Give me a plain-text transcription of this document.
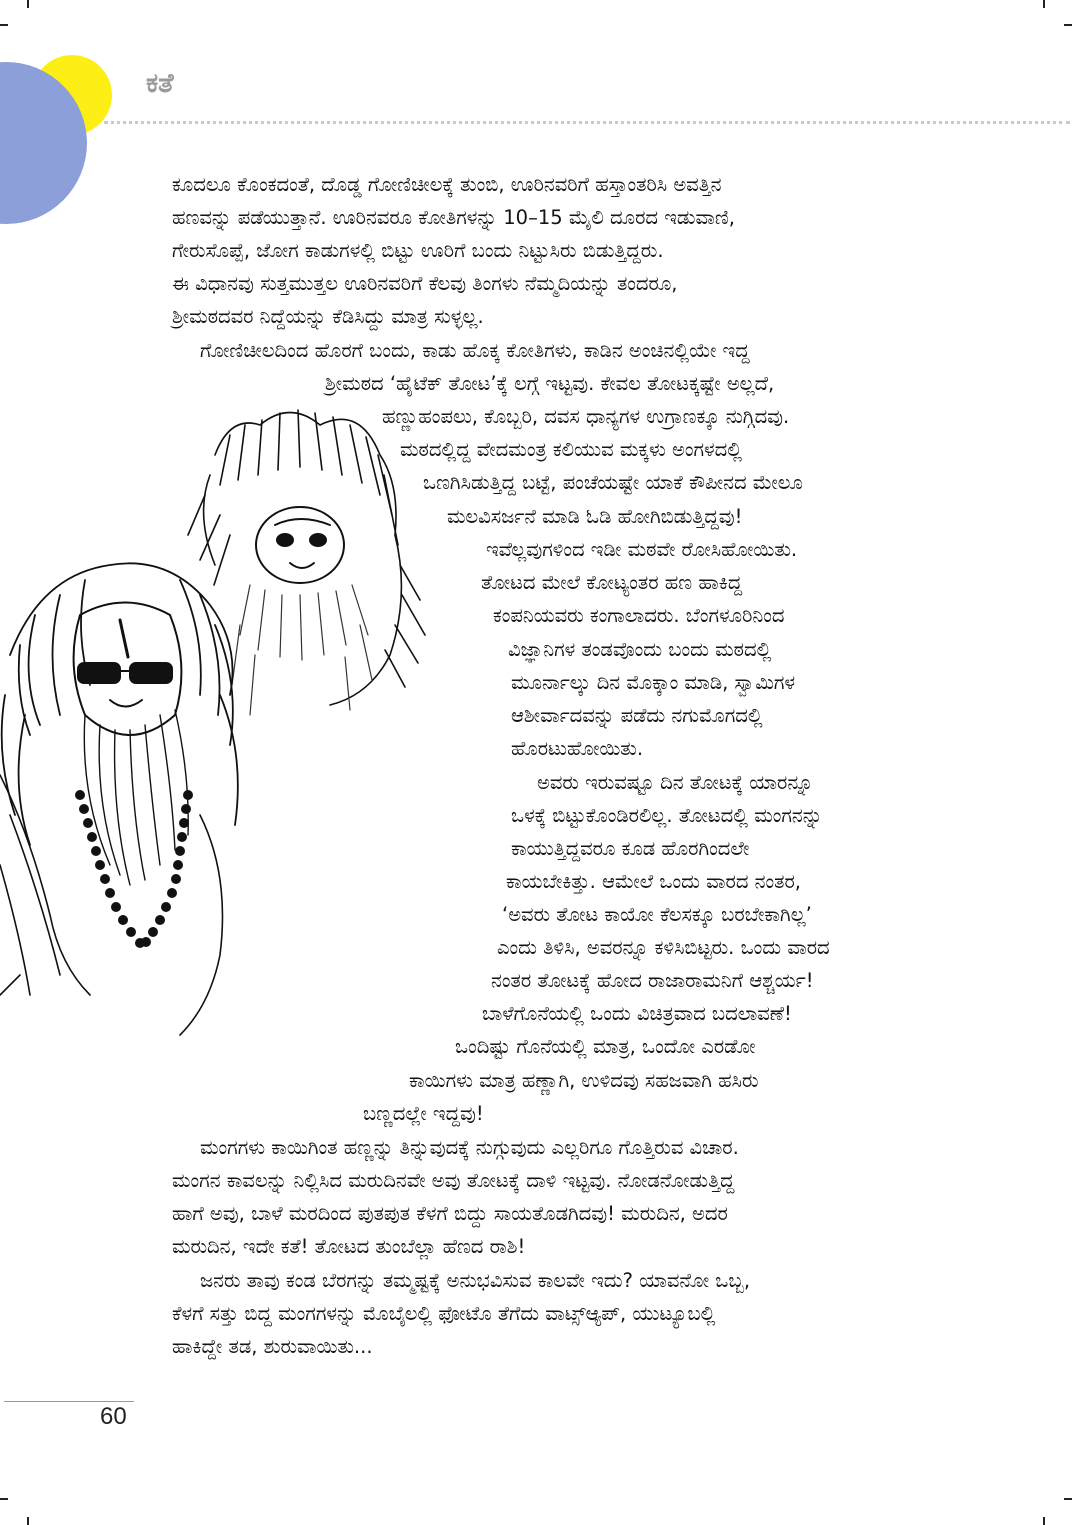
ಕತೆ
ಕೂದಲೂ ಕೊಂಕದಂತೆ, ದೊಡ್ಡ ಗೋಣಿಚೀಲಕ್ಕೆ ತುಂಬಿ, ಊರಿನವರಿಗೆ ಹಸ್ತಾಂತರಿಸಿ ಅವತ್ತಿನ
ಹಣವನ್ನು ಪಡೆಯುತ್ತಾನೆ. ಊರಿನವರೂ ಕೋತಿಗಳನ್ನು 10–15 ಮೈಲಿ ದೂರದ ಇಡುವಾಣಿ,
ಗೇರುಸೊಪ್ಪೆ, ಜೋಗ ಕಾಡುಗಳಲ್ಲಿ ಬಿಟ್ಟು ಊರಿಗೆ ಬಂದು ನಿಟ್ಟುಸಿರು ಬಿಡುತ್ತಿದ್ದರು.
ಈ ವಿಧಾನವು ಸುತ್ತಮುತ್ತಲ ಊರಿನವರಿಗೆ ಕೆಲವು ತಿಂಗಳು ನೆಮ್ಮದಿಯನ್ನು ತಂದರೂ,
ಶ್ರೀಮಠದವರ ನಿದ್ದೆಯನ್ನು ಕೆಡಿಸಿದ್ದು ಮಾತ್ರ ಸುಳ್ಳಲ್ಲ.
ಗೋಣಿಚೀಲದಿಂದ ಹೊರಗೆ ಬಂದು, ಕಾಡು ಹೊಕ್ಕ ಕೋತಿಗಳು, ಕಾಡಿನ ಅಂಚಿನಲ್ಲಿಯೇ ಇದ್ದ
ಶ್ರೀಮಠದ ‘ಹೈಟೆಕ್ ತೋಟ’ಕ್ಕೆ ಲಗ್ಗೆ ಇಟ್ಟವು. ಕೇವಲ ತೋಟಕ್ಕಷ್ಟೇ ಅಲ್ಲದೆ,
ಹಣ್ಣುಹಂಪಲು, ಕೊಬ್ಬರಿ, ದವಸ ಧಾನ್ಯಗಳ ಉಗ್ರಾಣಕ್ಕೂ ನುಗ್ಗಿದವು.
ಮಠದಲ್ಲಿದ್ದ ವೇದಮಂತ್ರ ಕಲಿಯುವ ಮಕ್ಕಳು ಅಂಗಳದಲ್ಲಿ
ಒಣಗಿಸಿಡುತ್ತಿದ್ದ ಬಟ್ಟೆ, ಪಂಚೆಯಷ್ಟೇ ಯಾಕೆ ಕೌಪೀನದ ಮೇಲೂ
ಮಲವಿಸರ್ಜನೆ ಮಾಡಿ ಓಡಿ ಹೋಗಿಬಿಡುತ್ತಿದ್ದವು!
ಇವೆಲ್ಲವುಗಳಿಂದ ಇಡೀ ಮಠವೇ ರೋಸಿಹೋಯಿತು.
ತೋಟದ ಮೇಲೆ ಕೋಟ್ಯಂತರ ಹಣ ಹಾಕಿದ್ದ
ಕಂಪನಿಯವರು ಕಂಗಾಲಾದರು. ಬೆಂಗಳೂರಿನಿಂದ
ವಿಜ್ಞಾನಿಗಳ ತಂಡವೊಂದು ಬಂದು ಮಠದಲ್ಲಿ
ಮೂರ್ನಾಲ್ಕು ದಿನ ಮೊಕ್ಕಾಂ ಮಾಡಿ, ಸ್ವಾಮಿಗಳ
ಆಶೀರ್ವಾದವನ್ನು ಪಡೆದು ನಗುಮೊಗದಲ್ಲಿ
ಹೊರಟುಹೋಯಿತು.
ಅವರು ಇರುವಷ್ಟೂ ದಿನ ತೋಟಕ್ಕೆ ಯಾರನ್ನೂ
ಒಳಕ್ಕೆ ಬಿಟ್ಟುಕೊಂಡಿರಲಿಲ್ಲ. ತೋಟದಲ್ಲಿ ಮಂಗನನ್ನು
ಕಾಯುತ್ತಿದ್ದವರೂ ಕೂಡ ಹೊರಗಿಂದಲೇ
ಕಾಯಬೇಕಿತ್ತು. ಆಮೇಲೆ ಒಂದು ವಾರದ ನಂತರ,
‘ಅವರು ತೋಟ ಕಾಯೋ ಕೆಲಸಕ್ಕೂ ಬರಬೇಕಾಗಿಲ್ಲ’
ಎಂದು ತಿಳಿಸಿ, ಅವರನ್ನೂ ಕಳಿಸಿಬಿಟ್ಟರು. ಒಂದು ವಾರದ
ನಂತರ ತೋಟಕ್ಕೆ ಹೋದ ರಾಜಾರಾಮನಿಗೆ ಆಶ್ಚರ್ಯ!
ಬಾಳೆಗೊನೆಯಲ್ಲಿ ಒಂದು ವಿಚಿತ್ರವಾದ ಬದಲಾವಣೆ!
ಒಂದಿಷ್ಟು ಗೊನೆಯಲ್ಲಿ ಮಾತ್ರ, ಒಂದೋ ಎರಡೋ
ಕಾಯಿಗಳು ಮಾತ್ರ ಹಣ್ಣಾಗಿ, ಉಳಿದವು ಸಹಜವಾಗಿ ಹಸಿರು
ಬಣ್ಣದಲ್ಲೇ ಇದ್ದವು!
ಮಂಗಗಳು ಕಾಯಿಗಿಂತ ಹಣ್ಣನ್ನು ತಿನ್ನುವುದಕ್ಕೆ ನುಗ್ಗುವುದು ಎಲ್ಲರಿಗೂ ಗೊತ್ತಿರುವ ವಿಚಾರ.
ಮಂಗನ ಕಾವಲನ್ನು ನಿಲ್ಲಿಸಿದ ಮರುದಿನವೇ ಅವು ತೋಟಕ್ಕೆ ದಾಳಿ ಇಟ್ಟವು. ನೋಡನೋಡುತ್ತಿದ್ದ
ಹಾಗೆ ಅವು, ಬಾಳೆ ಮರದಿಂದ ಪುತಪುತ ಕೆಳಗೆ ಬಿದ್ದು ಸಾಯತೊಡಗಿದವು! ಮರುದಿನ, ಅದರ
ಮರುದಿನ, ಇದೇ ಕತೆ! ತೋಟದ ತುಂಬೆಲ್ಲಾ ಹೆಣದ ರಾಶಿ!
ಜನರು ತಾವು ಕಂಡ ಬೆರಗನ್ನು ತಮ್ಮಷ್ಟಕ್ಕೆ ಅನುಭವಿಸುವ ಕಾಲವೇ ಇದು? ಯಾವನೋ ಒಬ್ಬ,
ಕೆಳಗೆ ಸತ್ತು ಬಿದ್ದ ಮಂಗಗಳನ್ನು ಮೊಬೈಲಲ್ಲಿ ಫೋಟೊ ತೆಗೆದು ವಾಟ್ಸ್ಆ್ಯಪ್, ಯುಟ್ಯೂಬಲ್ಲಿ
ಹಾಕಿದ್ದೇ ತಡ, ಶುರುವಾಯಿತು...
60
